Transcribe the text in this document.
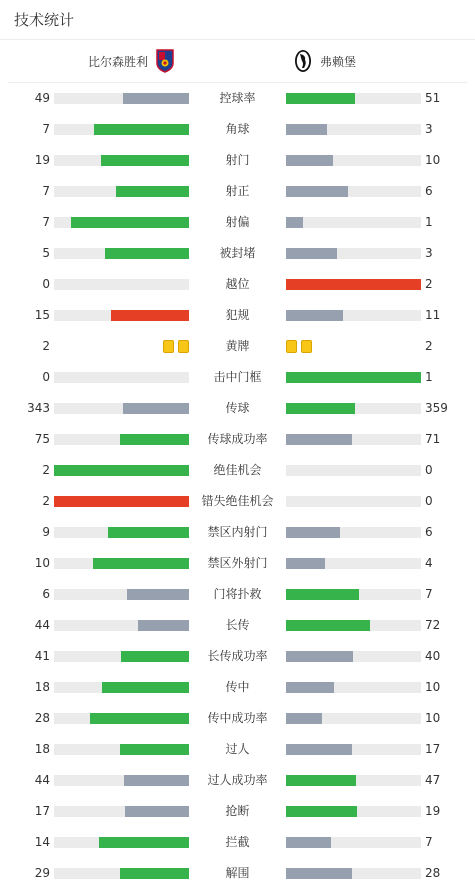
技术统计
比尔森胜利	弗赖堡
49	控球率	51
7	角球	3
19	射门	10
7	射正	6
7	射偏	1
5	被封堵	3
0	越位	2
15	犯规	11
2	黄牌	2
0	击中门框	1
343	传球	359
75	传球成功率	71
2	绝佳机会	0
2	错失绝佳机会	0
9	禁区内射门	6
10	禁区外射门	4
6	门将扑救	7
44	长传	72
41	长传成功率	40
18	传中	10
28	传中成功率	10
18	过人	17
44	过人成功率	47
17	抢断	19
14	拦截	7
29	解围	28
